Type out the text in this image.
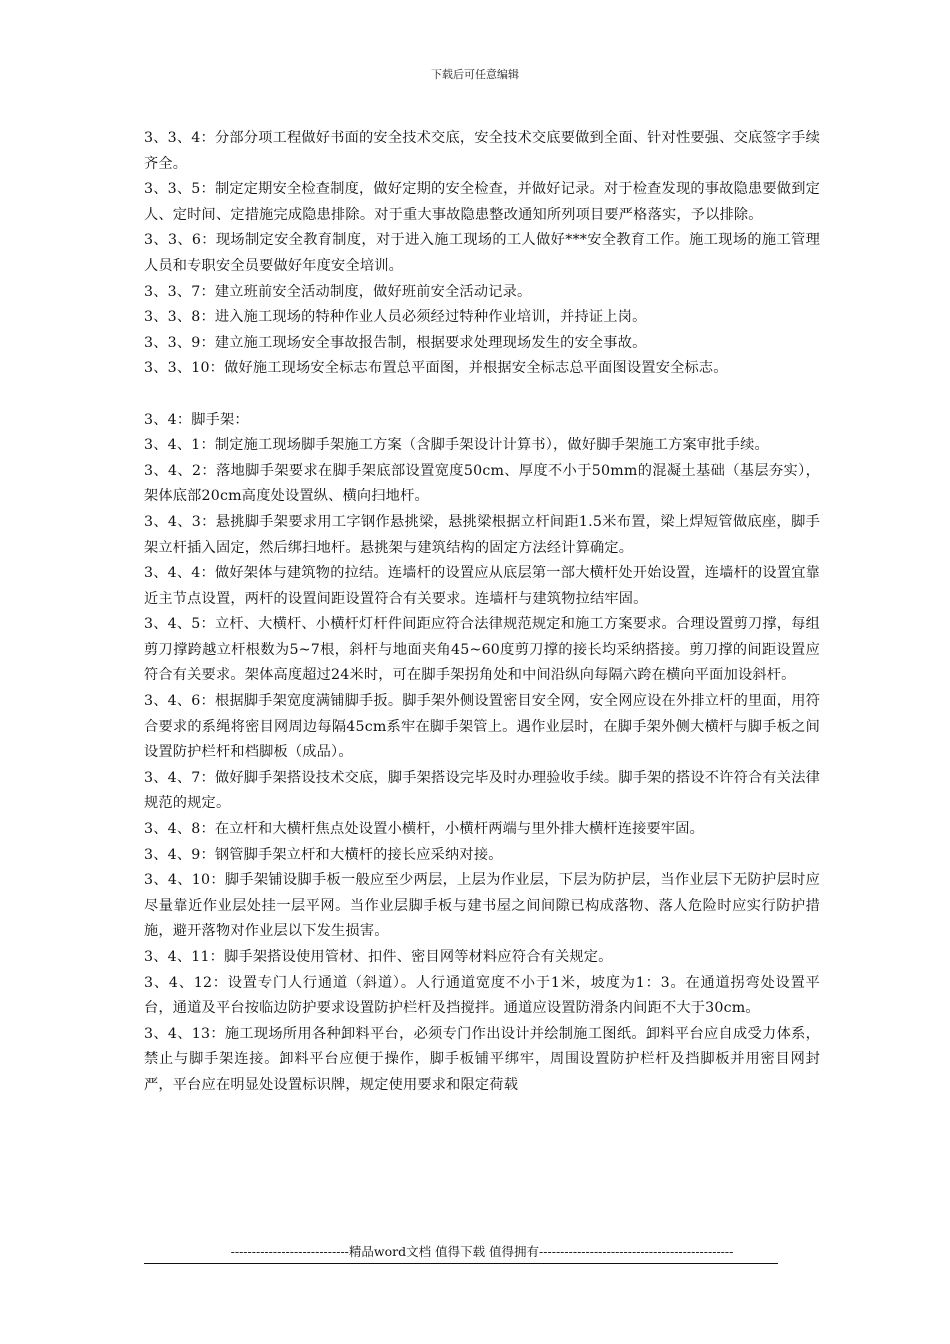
下载后可任意编辑

3、3、4：分部分项工程做好书面的安全技术交底，安全技术交底要做到全面、针对性要强、交底签字手续齐全。

3、3、5：制定定期安全检查制度，做好定期的安全检查，并做好记录。对于检查发现的事故隐患要做到定人、定时间、定措施完成隐患排除。对于重大事故隐患整改通知所列项目要严格落实，予以排除。

3、3、6：现场制定安全教育制度，对于进入施工现场的工人做好***安全教育工作。施工现场的施工管理人员和专职安全员要做好年度安全培训。

3、3、7：建立班前安全活动制度，做好班前安全活动记录。

3、3、8：进入施工现场的特种作业人员必须经过特种作业培训，并持证上岗。

3、3、9：建立施工现场安全事故报告制，根据要求处理现场发生的安全事故。

3、3、10：做好施工现场安全标志布置总平面图，并根据安全标志总平面图设置安全标志。

3、4：脚手架：

3、4、1：制定施工现场脚手架施工方案（含脚手架设计计算书），做好脚手架施工方案审批手续。

3、4、2：落地脚手架要求在脚手架底部设置宽度50cm、厚度不小于50mm的混凝土基础（基层夯实），架体底部20cm高度处设置纵、横向扫地杆。

3、4、3：悬挑脚手架要求用工字钢作悬挑梁，悬挑梁根据立杆间距1.5米布置，梁上焊短管做底座，脚手架立杆插入固定，然后绑扫地杆。悬挑架与建筑结构的固定方法经计算确定。

3、4、4：做好架体与建筑物的拉结。连墙杆的设置应从底层第一部大横杆处开始设置，连墙杆的设置宜靠近主节点设置，两杆的设置间距设置符合有关要求。连墙杆与建筑物拉结牢固。

3、4、5：立杆、大横杆、小横杆灯杆件间距应符合法律规范规定和施工方案要求。合理设置剪刀撑，每组剪刀撑跨越立杆根数为5~7根，斜杆与地面夹角45~60度剪刀撑的接长均采纳搭接。剪刀撑的间距设置应符合有关要求。架体高度超过24米时，可在脚手架拐角处和中间沿纵向每隔六跨在横向平面加设斜杆。

3、4、6：根据脚手架宽度满铺脚手扳。脚手架外侧设置密目安全网，安全网应设在外排立杆的里面，用符合要求的系绳将密目网周边每隔45cm系牢在脚手架管上。遇作业层时，在脚手架外侧大横杆与脚手板之间设置防护栏杆和档脚板（成品）。

3、4、7：做好脚手架搭设技术交底，脚手架搭设完毕及时办理验收手续。脚手架的搭设不许符合有关法律规范的规定。

3、4、8：在立杆和大横杆焦点处设置小横杆，小横杆两端与里外排大横杆连接要牢固。

3、4、9：钢管脚手架立杆和大横杆的接长应采纳对接。

3、4、10：脚手架铺设脚手板一般应至少两层，上层为作业层，下层为防护层，当作业层下无防护层时应尽量靠近作业层处挂一层平网。当作业层脚手板与建书屋之间间隙已构成落物、落人危险时应实行防护措施，避开落物对作业层以下发生损害。

3、4、11：脚手架搭设使用管材、扣件、密目网等材料应符合有关规定。

3、4、12：设置专门人行通道（斜道）。人行通道宽度不小于1米，坡度为1：3。在通道拐弯处设置平台，通道及平台按临边防护要求设置防护栏杆及挡搅拌。通道应设置防滑条内间距不大于30cm。

3、4、13：施工现场所用各种卸料平台，必须专门作出设计并绘制施工图纸。卸料平台应自成受力体系，禁止与脚手架连接。卸料平台应便于操作，脚手板铺平绑牢，周围设置防护栏杆及挡脚板并用密目网封严，平台应在明显处设置标识牌，规定使用要求和限定荷载

----------------------------精品word文档 值得下载 值得拥有----------------------------------------------
